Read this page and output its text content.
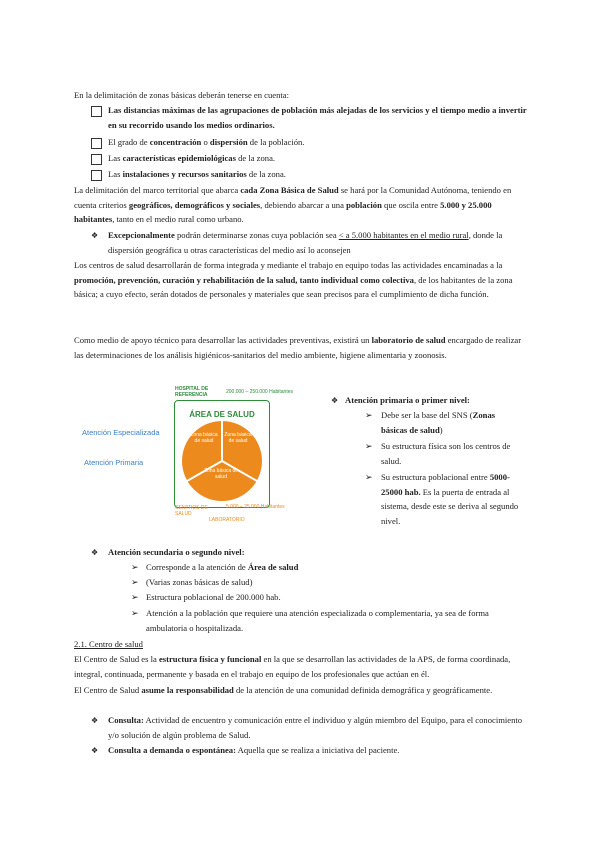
En la delimitación de zonas básicas deberán tenerse en cuenta:

Las distancias máximas de las agrupaciones de población más alejadas de los servicios y el tiempo medio a invertir en su recorrido usando los medios ordinarios.

El grado de concentración o dispersión de la población.

Las características epidemiológicas de la zona.

Las instalaciones y recursos sanitarios de la zona.

La delimitación del marco territorial que abarca cada Zona Básica de Salud se hará por la Comunidad Autónoma, teniendo en cuenta criterios geográficos, demográficos y sociales, debiendo abarcar a una población que oscila entre 5.000 y 25.000 habitantes, tanto en el medio rural como urbano.

❖ Excepcionalmente podrán determinarse zonas cuya población sea < a 5.000 habitantes en el medio rural, donde la dispersión geográfica u otras características del medio así lo aconsejen

Los centros de salud desarrollarán de forma integrada y mediante el trabajo en equipo todas las actividades encaminadas a la promoción, prevención, curación y rehabilitación de la salud, tanto individual como colectiva, de los habitantes de la zona básica; a cuyo efecto, serán dotados de personales y materiales que sean precisos para el cumplimiento de dicha función.

Como medio de apoyo técnico para desarrollar las actividades preventivas, existirá un laboratorio de salud encargado de realizar las determinaciones de los análisis higiénicos-sanitarios del medio ambiente, higiene alimentaria y zoonosis.

HOSPITAL DE REFERENCIA	200.000 – 250.000 Habitantes
ÁREA DE SALUD
Zona básica de salud
Zona básica de salud
Zona básica de salud
Atención Especializada
Atención Primaria
CENTROS DE SALUD
5.000 – 25.000 Habitantes
LABORATORIO
❖ Atención primaria o primer nivel:

➢ Debe ser la base del SNS (Zonas básicas de salud)

➢ Su estructura física son los centros de salud.

➢ Su estructura poblacional entre 5000-25000 hab. Es la puerta de entrada al sistema, desde este se deriva al segundo nivel.

❖ Atención secundaria o segundo nivel:

➢ Corresponde a la atención de Área de salud

➢ (Varias zonas básicas de salud)

➢ Estructura poblacional de 200.000 hab.

➢ Atención a la población que requiere una atención especializada o complementaria, ya sea de forma ambulatoria o hospitalizada.

2.1. Centro de salud

El Centro de Salud es la estructura física y funcional en la que se desarrollan las actividades de la APS, de forma coordinada, integral, continuada, permanente y basada en el trabajo en equipo de los profesionales que actúan en él.

El Centro de Salud asume la responsabilidad de la atención de una comunidad definida demográfica y geográficamente.

❖ Consulta: Actividad de encuentro y comunicación entre el individuo y algún miembro del Equipo, para el conocimiento y/o solución de algún problema de Salud.

❖ Consulta a demanda o espontánea: Aquella que se realiza a iniciativa del paciente.
